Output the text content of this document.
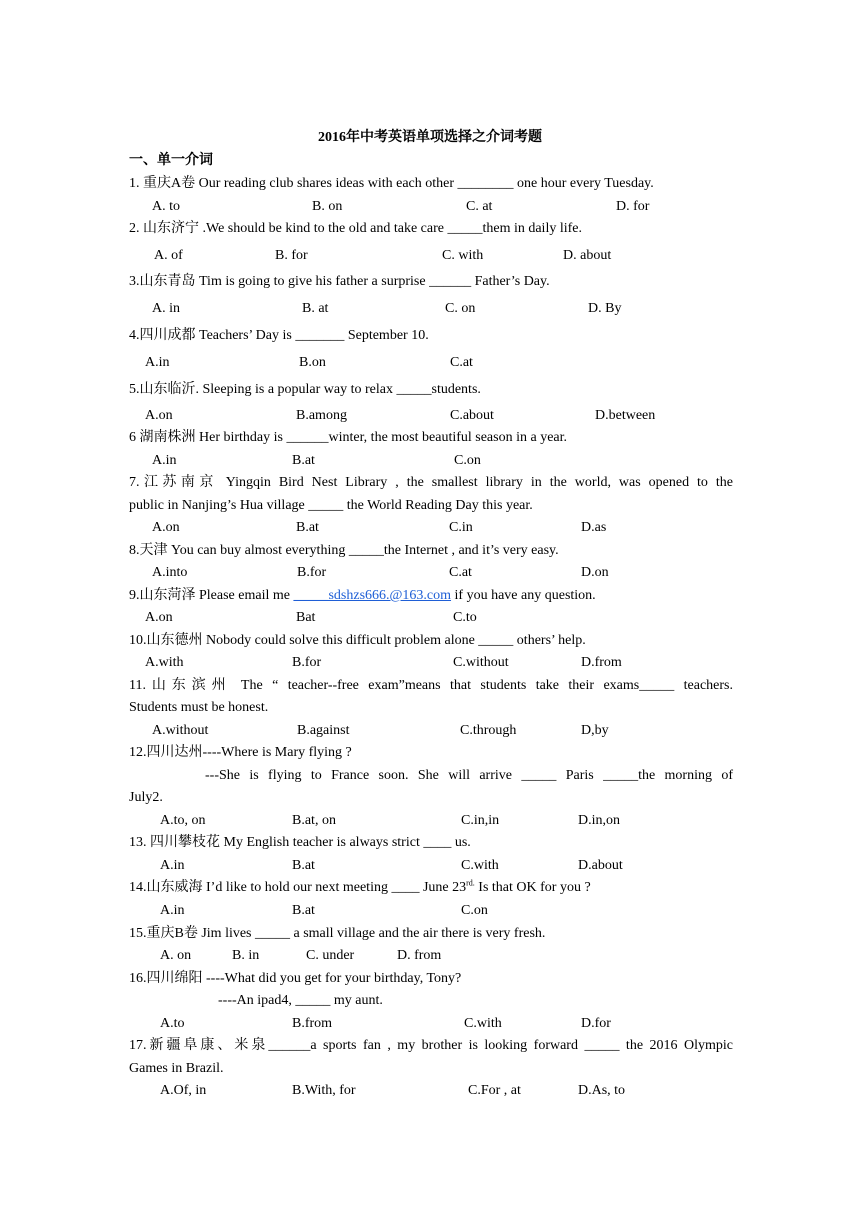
2016年中考英语单项选择之介词考题
一、单一介词
1. 重庆A卷 Our reading club shares ideas with each other ________ one hour every Tuesday.
A. to	B. on	C. at	D. for
2. 山东济宁 .We should be kind to the old and take care _____them in daily life.
A. of	B. for	C. with	D. about
3.山东青岛 Tim is going to give his father a surprise ______ Father’s Day.
A. in	B. at	C. on	D. By
4.四川成都 Teachers’ Day is _______ September 10.
A.in	B.on	C.at
5.山东临沂. Sleeping is a popular way to relax _____students.
A.on	B.among	C.about	D.between
6 湖南株洲 Her birthday is ______winter, the most beautiful season in a year.
A.in	B.at	C.on
7.江苏南京 Yingqin Bird Nest Library , the smallest library in the world, was opened to the
public in Nanjing’s Hua village _____ the World Reading Day this year.
A.on	B.at	C.in	D.as
8.天津 You can buy almost everything _____the Internet , and it’s very easy.
A.into	B.for	C.at	D.on
9.山东菏泽 Please email me _____sdshzs666.@163.com if you have any question.
A.on	Bat	C.to
10.山东德州 Nobody could solve this difficult problem alone _____ others’ help.
A.with	B.for	C.without	D.from
11.山东滨州 The “ teacher--free exam”means that students take their exams_____ teachers.
Students must be honest.
A.without	B.against	C.through	D,by
12.四川达州----Where is Mary flying ?
---She is flying to France soon. She will arrive _____ Paris _____the morning of
July2.
A.to, on	B.at, on	C.in,in	D.in,on
13. 四川攀枝花 My English teacher is always strict ____ us.
A.in	B.at	C.with	D.about
14.山东威海 I’d like to hold our next meeting ____ June $23^{rd.}$ Is that OK for you ?
A.in	B.at	C.on
15.重庆B卷 Jim lives _____ a small village and the air there is very fresh.
A. on	B. in	C. under	D. from
16.四川绵阳 ----What did you get for your birthday, Tony?
----An ipad4, _____ my aunt.
A.to	B.from	C.with	D.for
17.新疆阜康、米泉______a sports fan , my brother is looking forward _____ the 2016 Olympic
Games in Brazil.
A.Of, in	B.With, for	C.For , at	D.As, to
